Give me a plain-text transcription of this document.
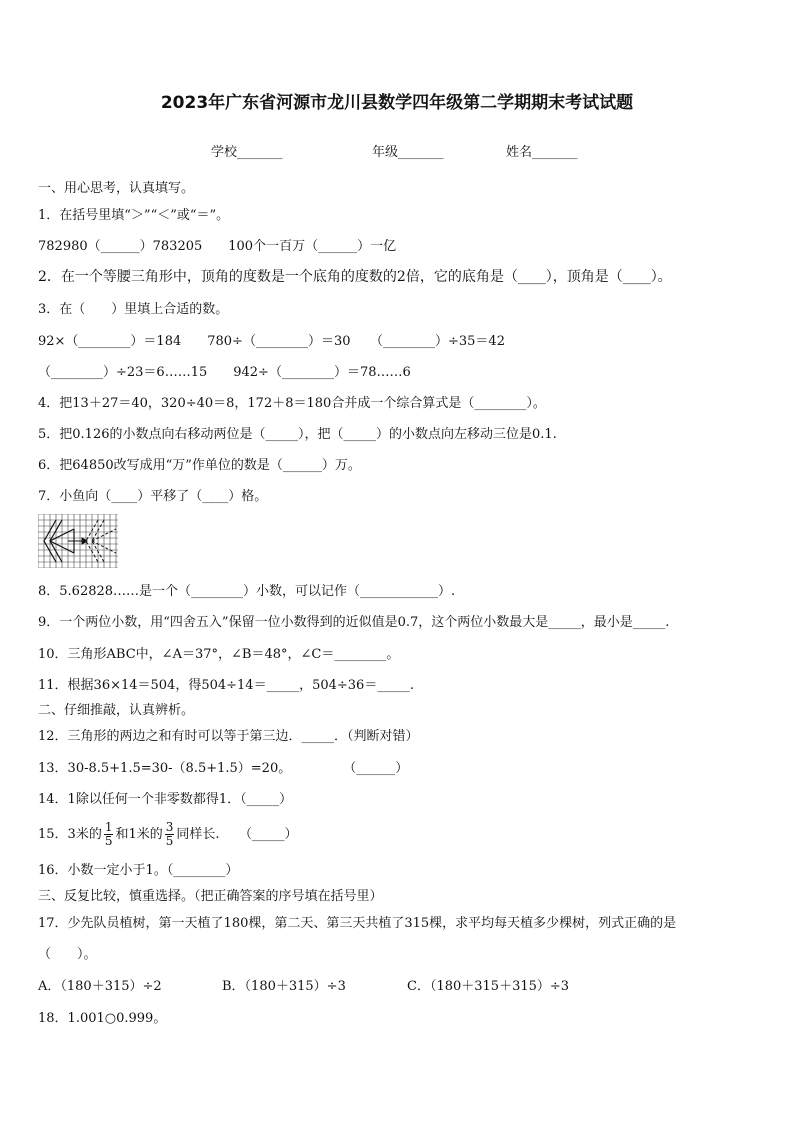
2023年广东省河源市龙川县数学四年级第二学期期末考试试题
学校_______	年级_______	姓名_______
一、用心思考，认真填写。
1．在括号里填“＞”“＜”或“＝”。
782980（______）783205　　100个一百万（______）一亿
2．在一个等腰三角形中，顶角的度数是一个底角的度数的2倍，它的底角是（____），顶角是（____）。
3．在（　　）里填上合适的数。
92×（________）＝184　　780÷（________）＝30　　（________）÷35＝42
（________）÷23＝6……15　　942÷（________）＝78……6
4．把13＋27＝40，320÷40＝8，172＋8＝180合并成一个综合算式是（________）。
5．把0.126的小数点向右移动两位是（_____），把（_____）的小数点向左移动三位是0.1.
6．把64850改写成用“万”作单位的数是（______）万。
7．小鱼向（____）平移了（____）格。
8．5.62828……是一个（________）小数，可以记作（____________）.
9．一个两位小数，用“四舍五入”保留一位小数得到的近似值是0.7，这个两位小数最大是_____，最小是_____.
10．三角形ABC中，∠A＝37°，∠B＝48°，∠C＝________。
11．根据36×14＝504，得504÷14＝_____，504÷36＝_____.
二、仔细推敲，认真辨析。
12．三角形的两边之和有时可以等于第三边．_____．（判断对错）
13．30-8.5+1.5=30-（8.5+1.5）=20。　　　　　（______）
14．1除以任何一个非零数都得1．（_____）
15．3米的 $\frac{1}{5}$ 和1米的 $\frac{3}{5}$ 同样长.　　（_____）
16．小数一定小于1。（________）
三、反复比较，慎重选择。（把正确答案的序号填在括号里）
17．少先队员植树，第一天植了180棵，第二天、第三天共植了315棵，求平均每天植多少棵树，列式正确的是
（　　）。
A．（180＋315）÷2	B．（180＋315）÷3	C．（180＋315＋315）÷3
18．1.001○0.999。
